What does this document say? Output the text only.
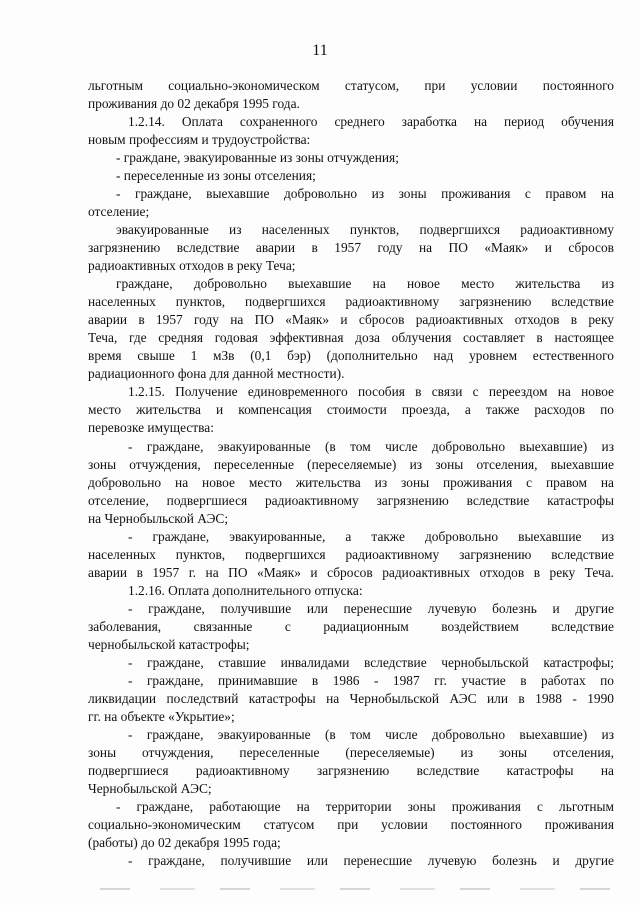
11
льготным социально-экономическом статусом, при условии постоянного
проживания до 02 декабря 1995 года.
1.2.14. Оплата сохраненного среднего заработка на период обучения
новым профессиям и трудоустройства:
- граждане, эвакуированные из зоны отчуждения;
- переселенные из зоны отселения;
- граждане, выехавшие добровольно из зоны проживания с правом на
отселение;
эвакуированные из населенных пунктов, подвергшихся радиоактивному
загрязнению вследствие аварии в 1957 году на ПО «Маяк» и сбросов
радиоактивных отходов в реку Теча;
граждане, добровольно выехавшие на новое место жительства из
населенных пунктов, подвергшихся радиоактивному загрязнению вследствие
аварии в 1957 году на ПО «Маяк» и сбросов радиоактивных отходов в реку
Теча, где средняя годовая эффективная доза облучения составляет в настоящее
время свыше 1 мЗв (0,1 бэр) (дополнительно над уровнем естественного
радиационного фона для данной местности).
1.2.15. Получение единовременного пособия в связи с переездом на новое
место жительства и компенсация стоимости проезда, а также расходов по
перевозке имущества:
- граждане, эвакуированные (в том числе добровольно выехавшие) из
зоны отчуждения, переселенные (переселяемые) из зоны отселения, выехавшие
добровольно на новое место жительства из зоны проживания с правом на
отселение, подвергшиеся радиоактивному загрязнению вследствие катастрофы
на Чернобыльской АЭС;
- граждане, эвакуированные, а также добровольно выехавшие из
населенных пунктов, подвергшихся радиоактивному загрязнению вследствие
аварии в 1957 г. на ПО «Маяк» и сбросов радиоактивных отходов в реку Теча.
1.2.16. Оплата дополнительного отпуска:
- граждане, получившие или перенесшие лучевую болезнь и другие
заболевания, связанные с радиационным воздействием вследствие
чернобыльской катастрофы;
- граждане, ставшие инвалидами вследствие чернобыльской катастрофы;
- граждане, принимавшие в 1986 - 1987 гг. участие в работах по
ликвидации последствий катастрофы на Чернобыльской АЭС или в 1988 - 1990
гг. на объекте «Укрытие»;
- граждане, эвакуированные (в том числе добровольно выехавшие) из
зоны отчуждения, переселенные (переселяемые) из зоны отселения,
подвергшиеся радиоактивному загрязнению вследствие катастрофы на
Чернобыльской АЭС;
- граждане, работающие на территории зоны проживания с льготным
социально-экономическим статусом при условии постоянного проживания
(работы) до 02 декабря 1995 года;
- граждане, получившие или перенесшие лучевую болезнь и другие
